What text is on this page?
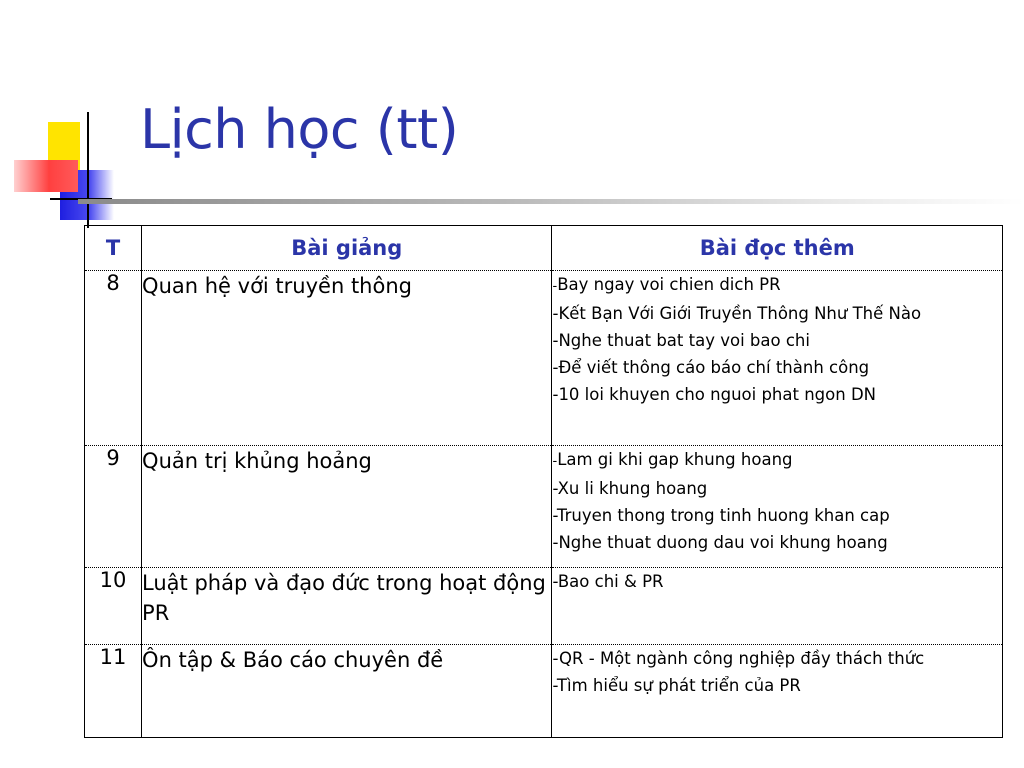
Lịch học (tt)
T	Bài giảng	Bài đọc thêm
8	Quan hệ với truyền thông	-Bay ngay voi chien dich PR
-Kết Bạn Với Giới Truyền Thông Như Thế Nào
-Nghe thuat bat tay voi bao chi
-Để viết thông cáo báo chí thành công
-10 loi khuyen cho nguoi phat ngon DN

9	Quản trị khủng hoảng	-Lam gi khi gap khung hoang
-Xu li khung hoang
-Truyen thong trong tinh huong khan cap
-Nghe thuat duong dau voi khung hoang

10	Luật pháp và đạo đức trong hoạt động PR	-Bao chi & PR

11	Ôn tập & Báo cáo chuyên đề	-QR - Một ngành công nghiệp đầy thách thức
-Tìm hiểu sự phát triển của PR
